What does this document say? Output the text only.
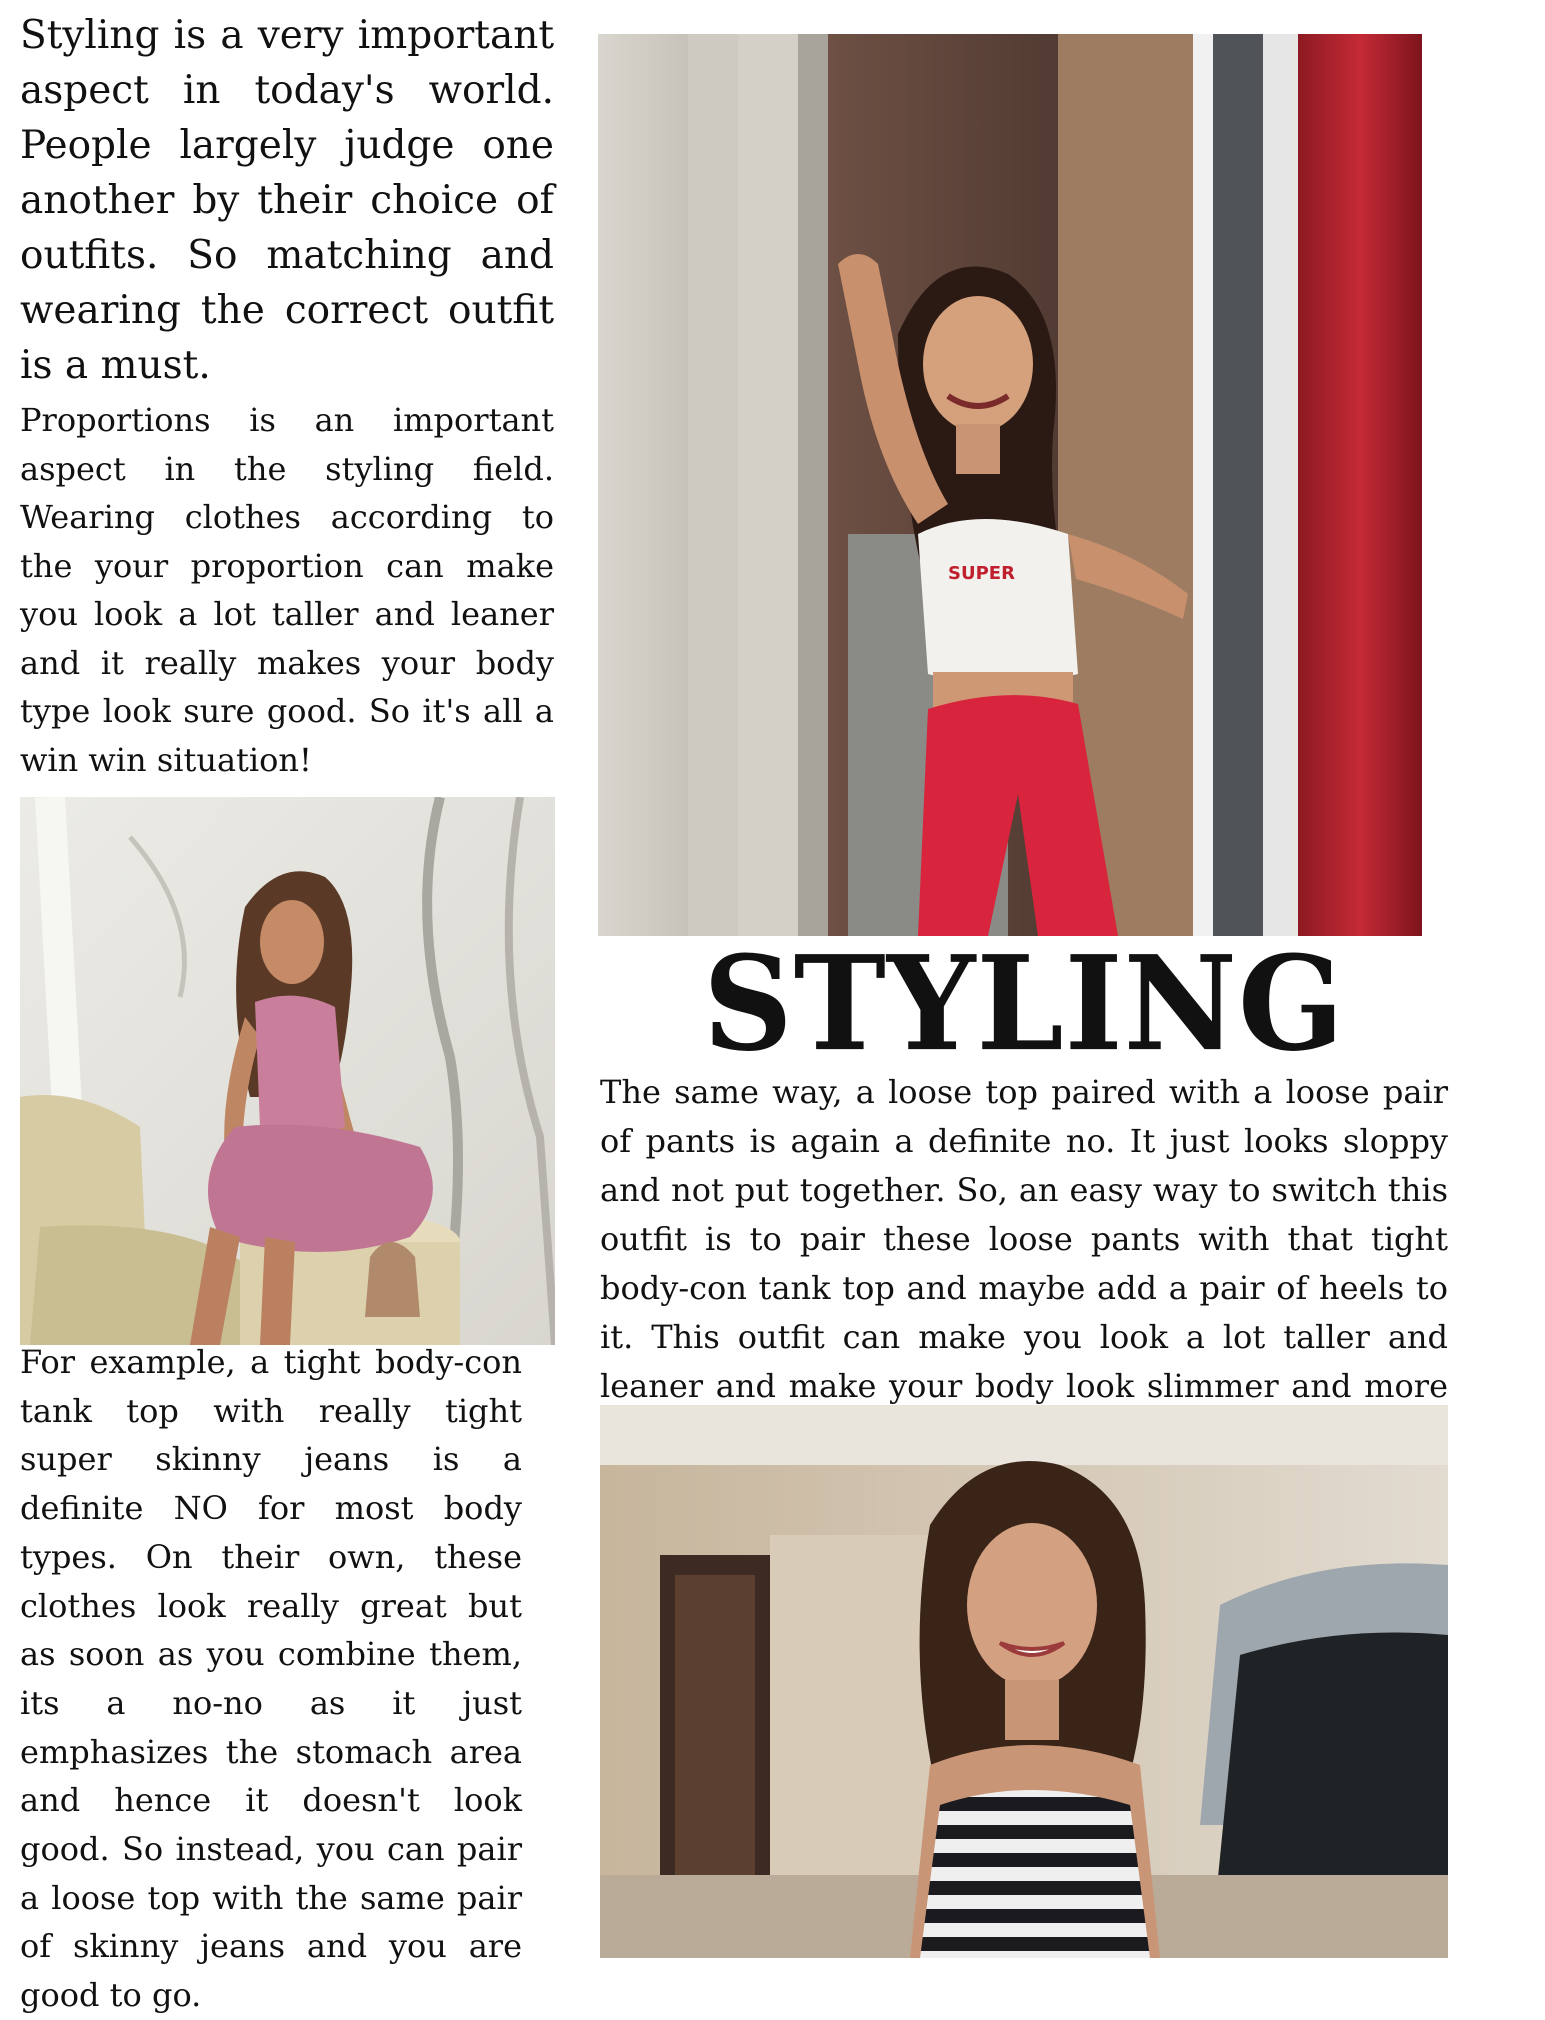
Styling is a very important aspect in today's world. People largely judge one another by their choice of outfits. So matching and wearing the correct outfit is a must.

Proportions is an important aspect in the styling field. Wearing clothes according to the your proportion can make you look a lot taller and leaner and it really makes your body type look sure good. So it's all a win win situation!

SUPER
STYLING

For example, a tight body-con tank top with really tight super skinny jeans is a definite NO for most body types. On their own, these clothes look really great but as soon as you combine them, its a no-no as it just emphasizes the stomach area and hence it doesn't look good. So instead, you can pair a loose top with the same pair of skinny jeans and you are good to go.

The same way, a loose top paired with a loose pair of pants is again a definite no. It just looks sloppy and not put together. So, an easy way to switch this outfit is to pair these loose pants with that tight body-con tank top and maybe add a pair of heels to it. This outfit can make you look a lot taller and leaner and make your body look slimmer and more
